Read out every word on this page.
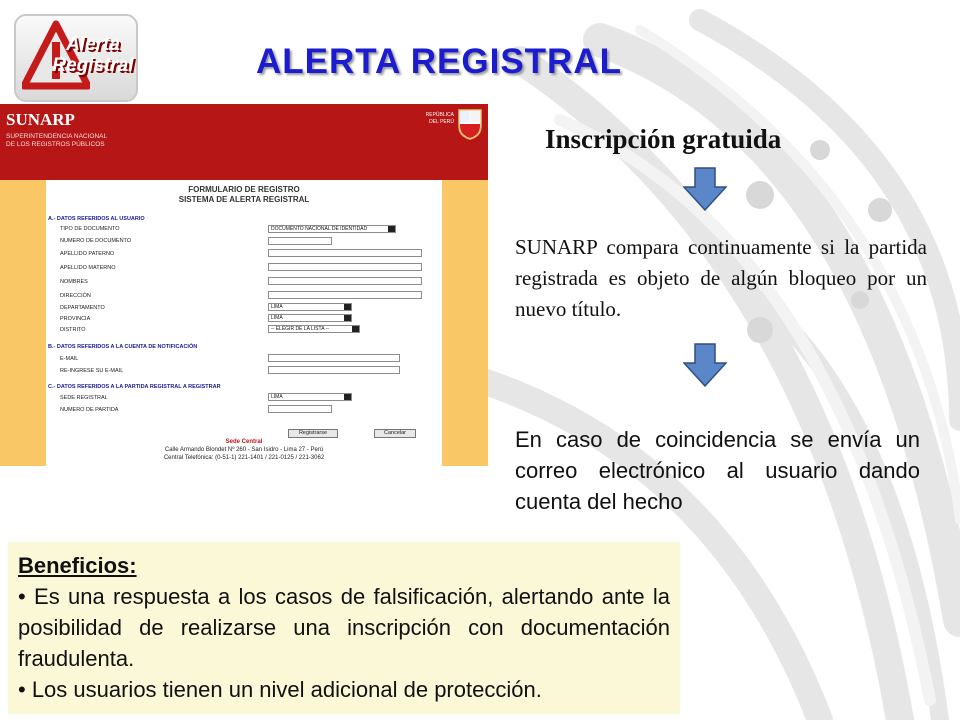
Alerta
Registral	ALERTA REGISTRAL
SUNARP
SUPERINTENDENCIA NACIONAL
DE LOS REGISTROS PÚBLICOS
REPÚBLICA
DEL PERÚ
FORMULARIO DE REGISTRO
SISTEMA DE ALERTA REGISTRAL
A.- DATOS REFERIDOS AL USUARIO
TIPO DE DOCUMENTO	DOCUMENTO NACIONAL DE IDENTIDAD
NUMERO DE DOCUMENTO
APELLIDO PATERNO
APELLIDO MATERNO
NOMBRES
DIRECCIÓN
DEPARTAMENTO	LIMA
PROVINCIA	LIMA
DISTRITO	-- ELEGIR DE LA LISTA --
B.- DATOS REFERIDOS A LA CUENTA DE NOTIFICACIÓN
E-MAIL
RE-INGRESE SU E-MAIL
C.- DATOS REFERIDOS A LA PARTIDA REGISTRAL A REGISTRAR
SEDE REGISTRAL	LIMA
NUMERO DE PARTIDA
Registrarse	Cancelar
Sede Central
Calle Armando Blondet Nº 260 - San Isidro - Lima 27 - Perú
Central Telefónica: (0-51-1) 221-1401 / 221-0125 / 221-3062
Inscripción gratuida
SUNARP compara continuamente si la partida registrada es objeto de algún bloqueo por un nuevo título.
En caso de coincidencia se envía un correo electrónico al usuario dando cuenta del hecho
Beneficios:
• Es una respuesta a los casos de falsificación, alertando ante la posibilidad de realizarse una inscripción con documentación fraudulenta.
• Los usuarios tienen un nivel adicional de protección.
